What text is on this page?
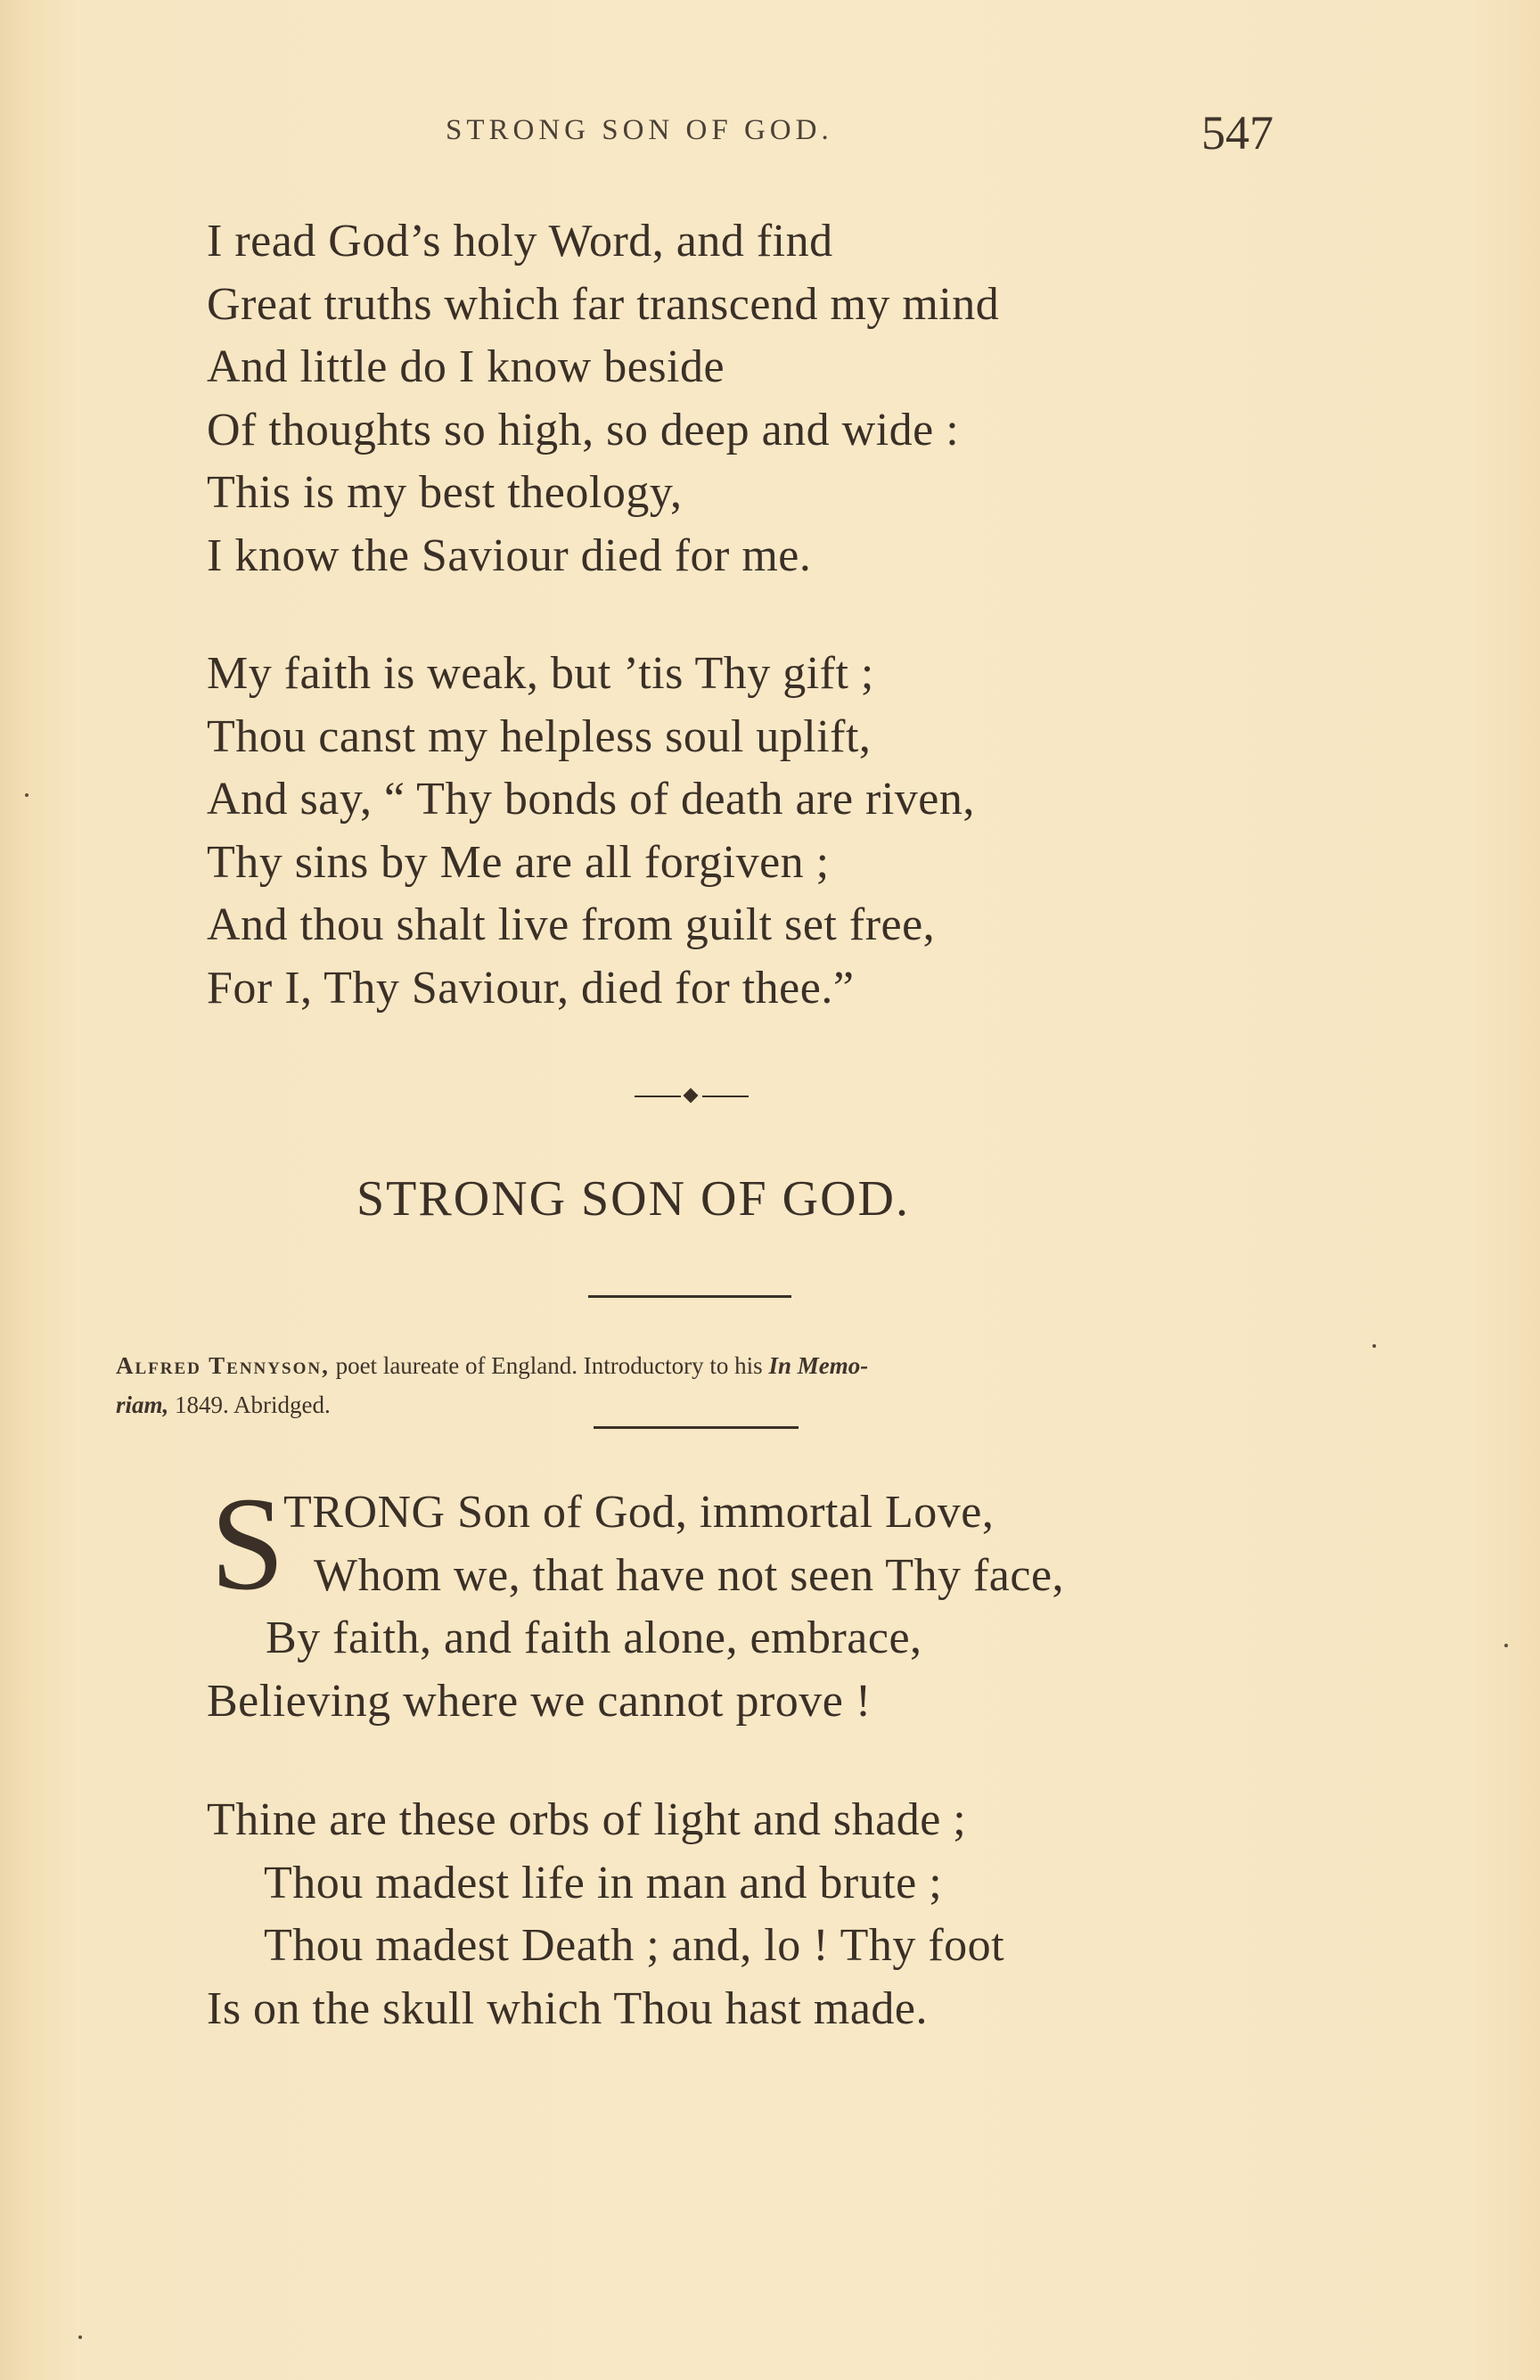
STRONG SON OF GOD.	547
I read God’s holy Word, and find
Great truths which far transcend my mind
And little do I know beside
Of thoughts so high, so deep and wide :
This is my best theology,
I know the Saviour died for me.
My faith is weak, but ’tis Thy gift ;
Thou canst my helpless soul uplift,
And say, “ Thy bonds of death are riven,
Thy sins by Me are all forgiven ;
And thou shalt live from guilt set free,
For I, Thy Saviour, died for thee.”
STRONG SON OF GOD.
Alfred Tennyson, poet laureate of England. Introductory to his In Memo-
riam, 1849. Abridged.
S
TRONG Son of God, immortal Love,
Whom we, that have not seen Thy face,
By faith, and faith alone, embrace,
Believing where we cannot prove !
Thine are these orbs of light and shade ;
Thou madest life in man and brute ;
Thou madest Death ; and, lo ! Thy foot
Is on the skull which Thou hast made.
